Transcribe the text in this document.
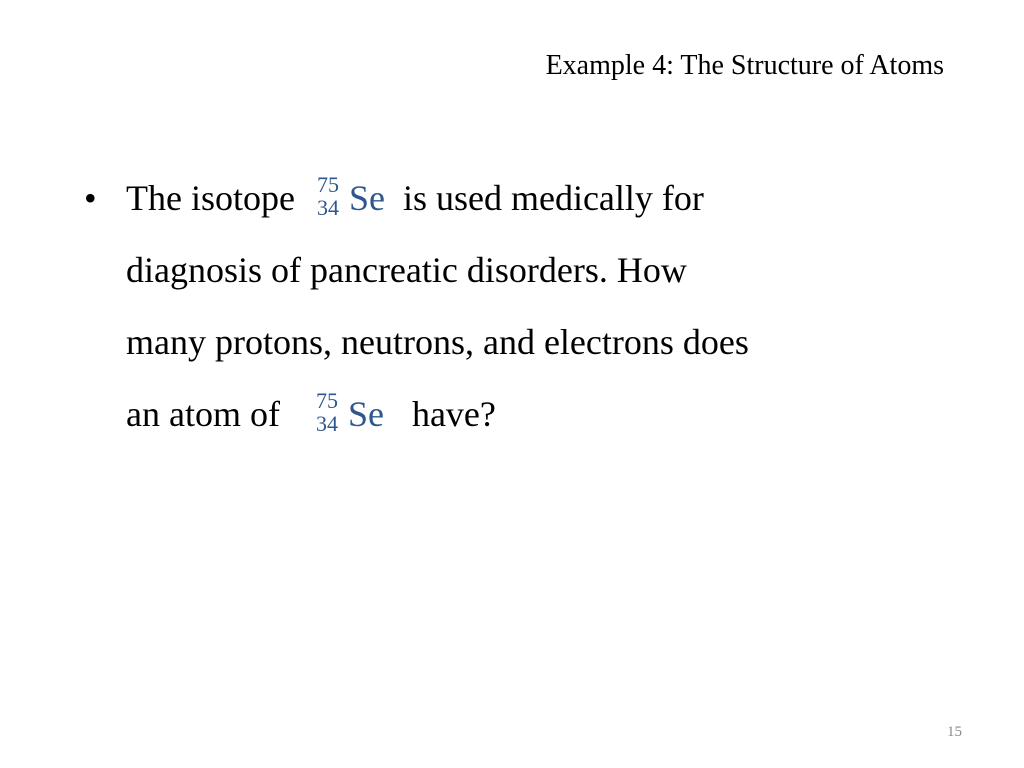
Example 4: The Structure of Atoms
• The isotope 75
34 Se is used medically for
diagnosis of pancreatic disorders. How
many protons, neutrons, and electrons does
an atom of 75
34 Se have?
15
